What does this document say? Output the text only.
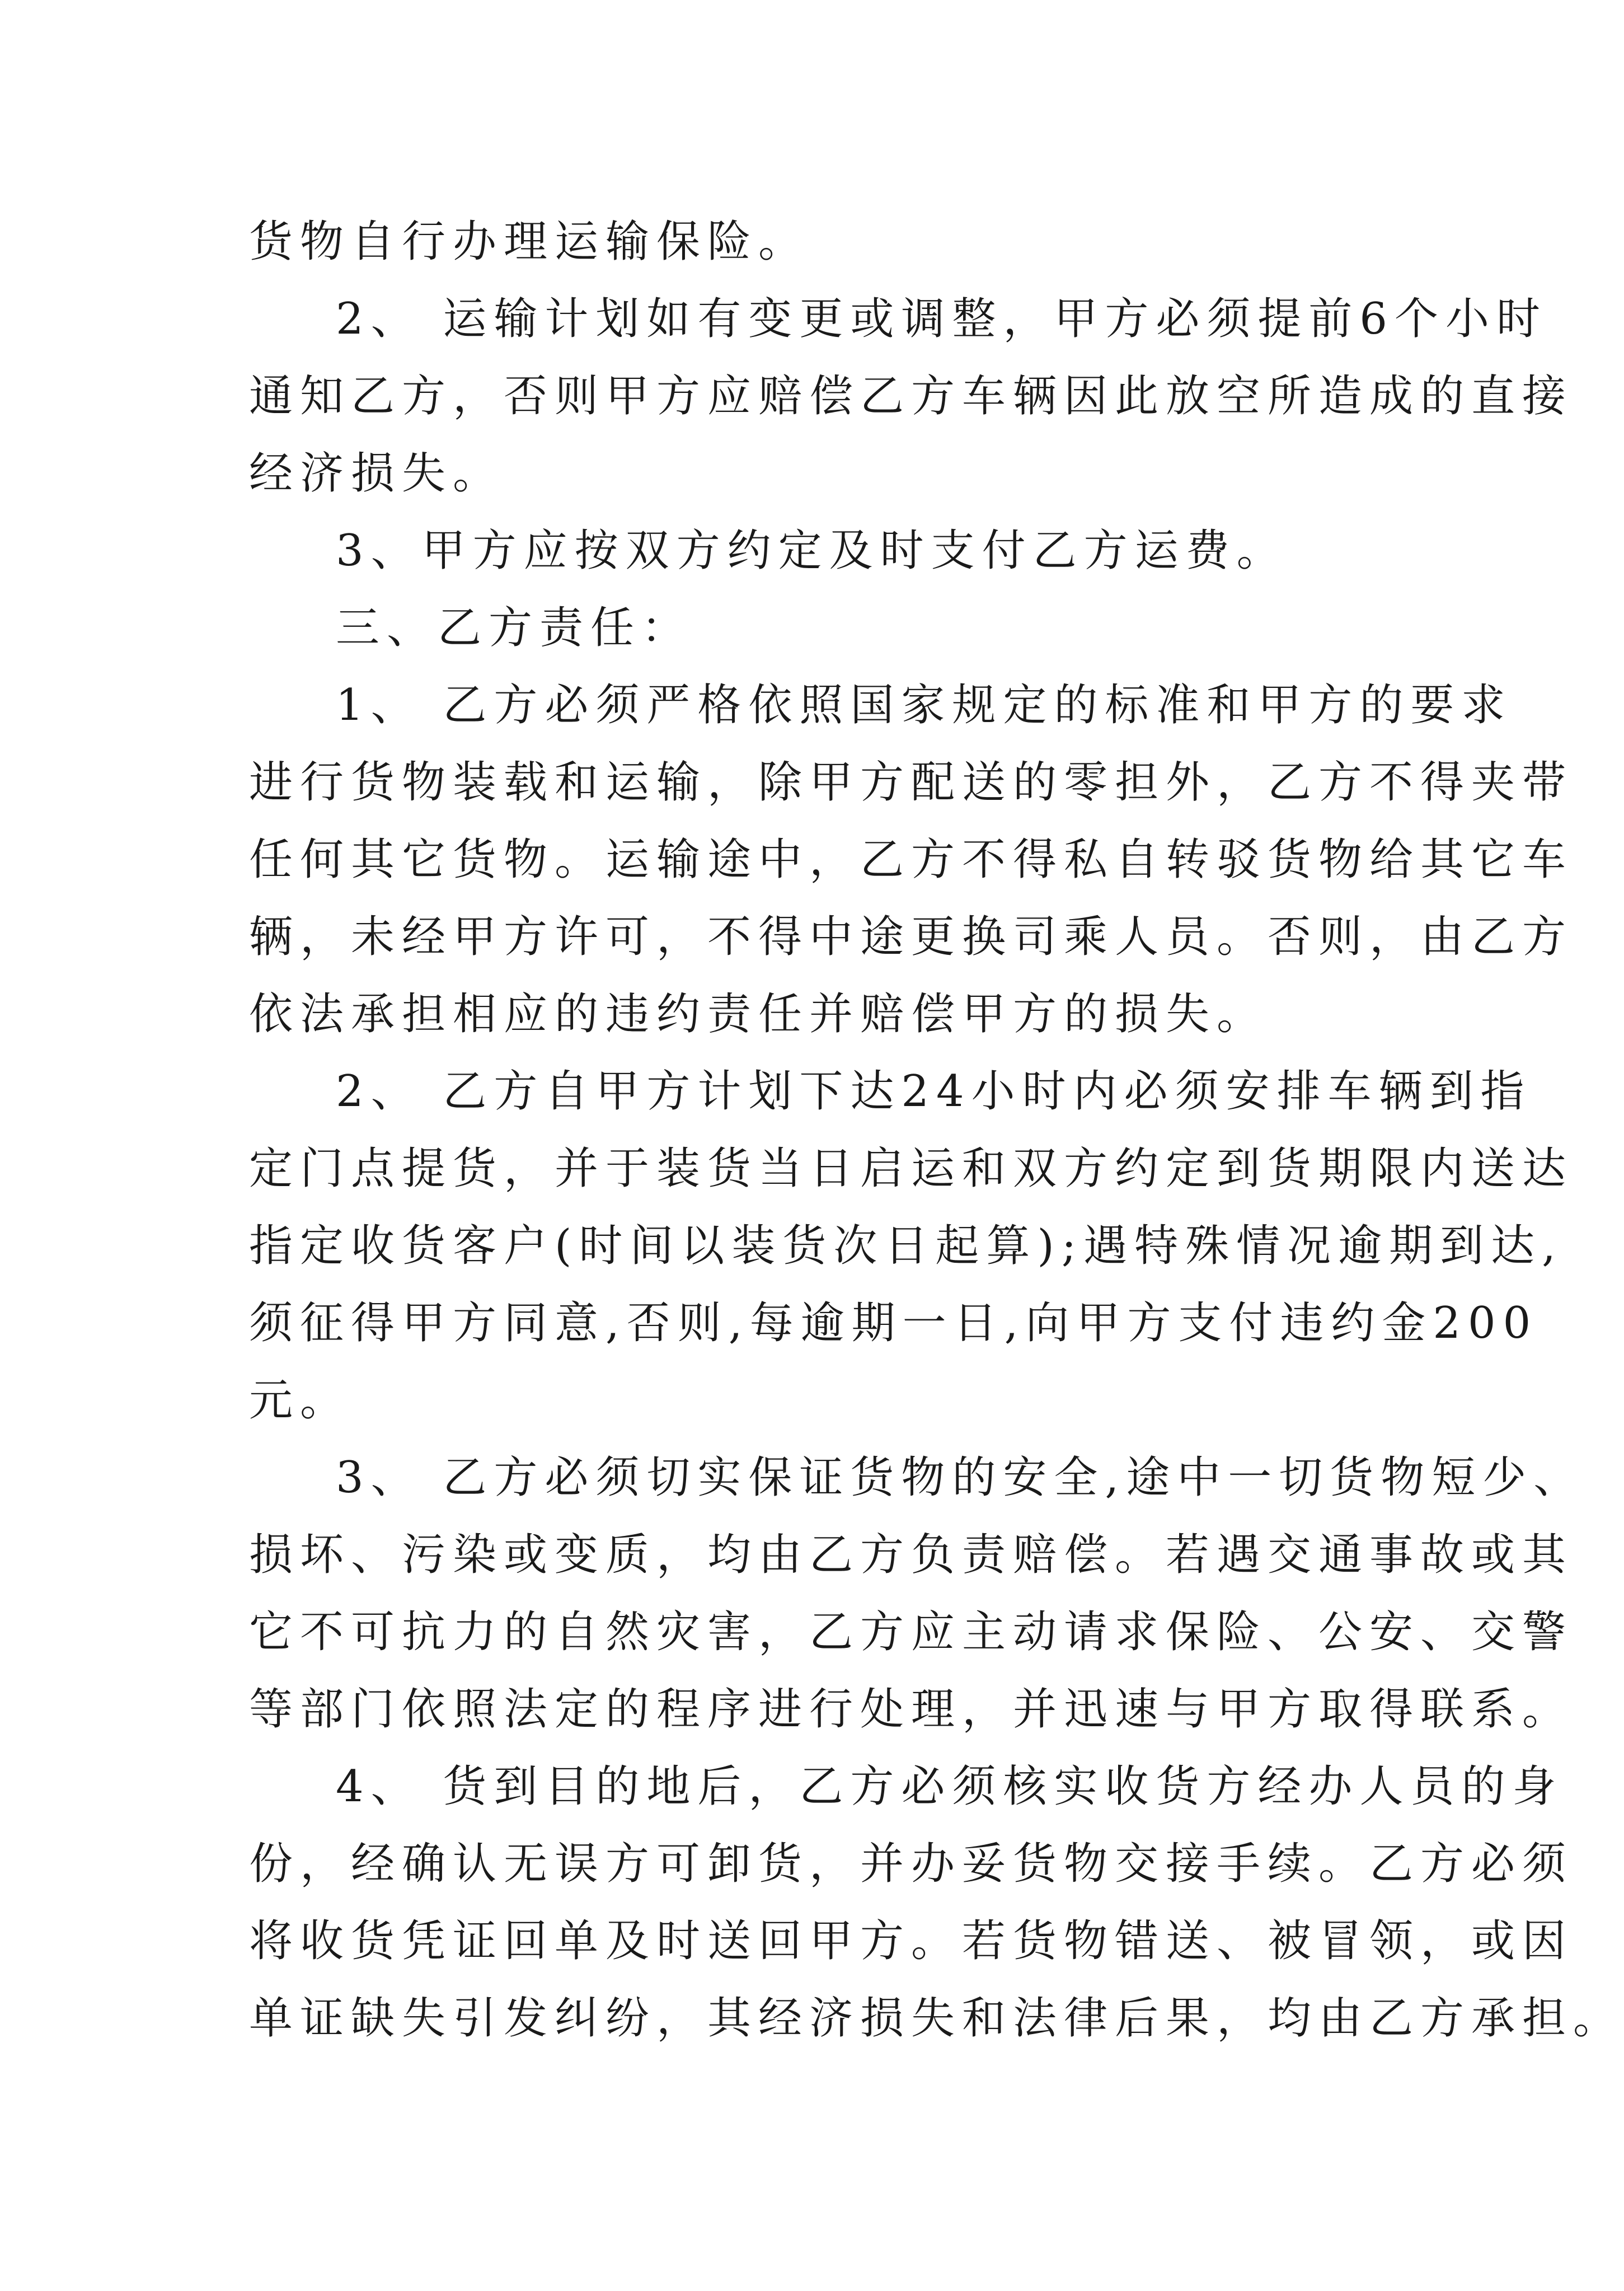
货物自行办理运输保险。
2、 运输计划如有变更或调整，甲方必须提前6个小时
通知乙方，否则甲方应赔偿乙方车辆因此放空所造成的直接
经济损失。
3、甲方应按双方约定及时支付乙方运费。
三、乙方责任：
1、 乙方必须严格依照国家规定的标准和甲方的要求
进行货物装载和运输，除甲方配送的零担外，乙方不得夹带
任何其它货物。运输途中，乙方不得私自转驳货物给其它车
辆，未经甲方许可，不得中途更换司乘人员。否则，由乙方
依法承担相应的违约责任并赔偿甲方的损失。
2、 乙方自甲方计划下达24小时内必须安排车辆到指
定门点提货，并于装货当日启运和双方约定到货期限内送达
指定收货客户(时间以装货次日起算);遇特殊情况逾期到达,
须征得甲方同意,否则,每逾期一日,向甲方支付违约金200
元。
3、 乙方必须切实保证货物的安全,途中一切货物短少、
损坏、污染或变质，均由乙方负责赔偿。若遇交通事故或其
它不可抗力的自然灾害，乙方应主动请求保险、公安、交警
等部门依照法定的程序进行处理，并迅速与甲方取得联系。
4、 货到目的地后，乙方必须核实收货方经办人员的身
份，经确认无误方可卸货，并办妥货物交接手续。乙方必须
将收货凭证回单及时送回甲方。若货物错送、被冒领，或因
单证缺失引发纠纷，其经济损失和法律后果，均由乙方承担。
